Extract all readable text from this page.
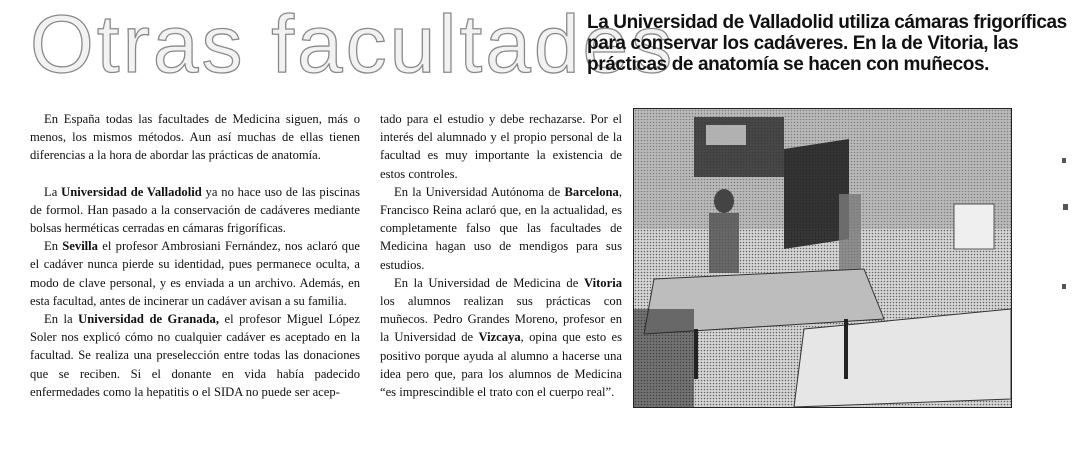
Otras facultades

La Universidad de Valladolid utiliza cámaras frigoríficas para conservar los cadáveres. En la de Vitoria, las prácticas de anatomía se hacen con muñecos.

En España todas las facultades de Medicina siguen, más o menos, los mismos métodos. Aun así muchas de ellas tienen diferencias a la hora de abordar las prácticas de anatomía.

La Universidad de Valladolid ya no hace uso de las piscinas de formol. Han pasado a la conservación de cadáveres mediante bolsas herméticas cerradas en cámaras frigoríficas.

En Sevilla el profesor Ambrosiani Fernández, nos aclaró que el cadáver nunca pierde su identidad, pues permanece oculta, a modo de clave personal, y es enviada a un archivo. Además, en esta facultad, antes de incinerar un cadáver avisan a su familia.

En la Universidad de Granada, el profesor Miguel López Soler nos explicó cómo no cualquier cadáver es aceptado en la facultad. Se realiza una preselección entre todas las donaciones que se reciben. Si el donante en vida había padecido enfermedades como la hepatitis o el SIDA no puede ser acep-

tado para el estudio y debe rechazarse. Por el interés del alumnado y el propio personal de la facultad es muy importante la existencia de estos controles.

En la Universidad Autónoma de Barcelona, Francisco Reina aclaró que, en la actualidad, es completamente falso que las facultades de Medicina hagan uso de mendigos para sus estudios.

En la Universidad de Medicina de Vitoria los alumnos realizan sus prácticas con muñecos. Pedro Grandes Moreno, profesor en la Universidad de Vizcaya, opina que esto es positivo porque ayuda al alumno a hacerse una idea pero que, para los alumnos de Medicina “es imprescindible el trato con el cuerpo real”.
